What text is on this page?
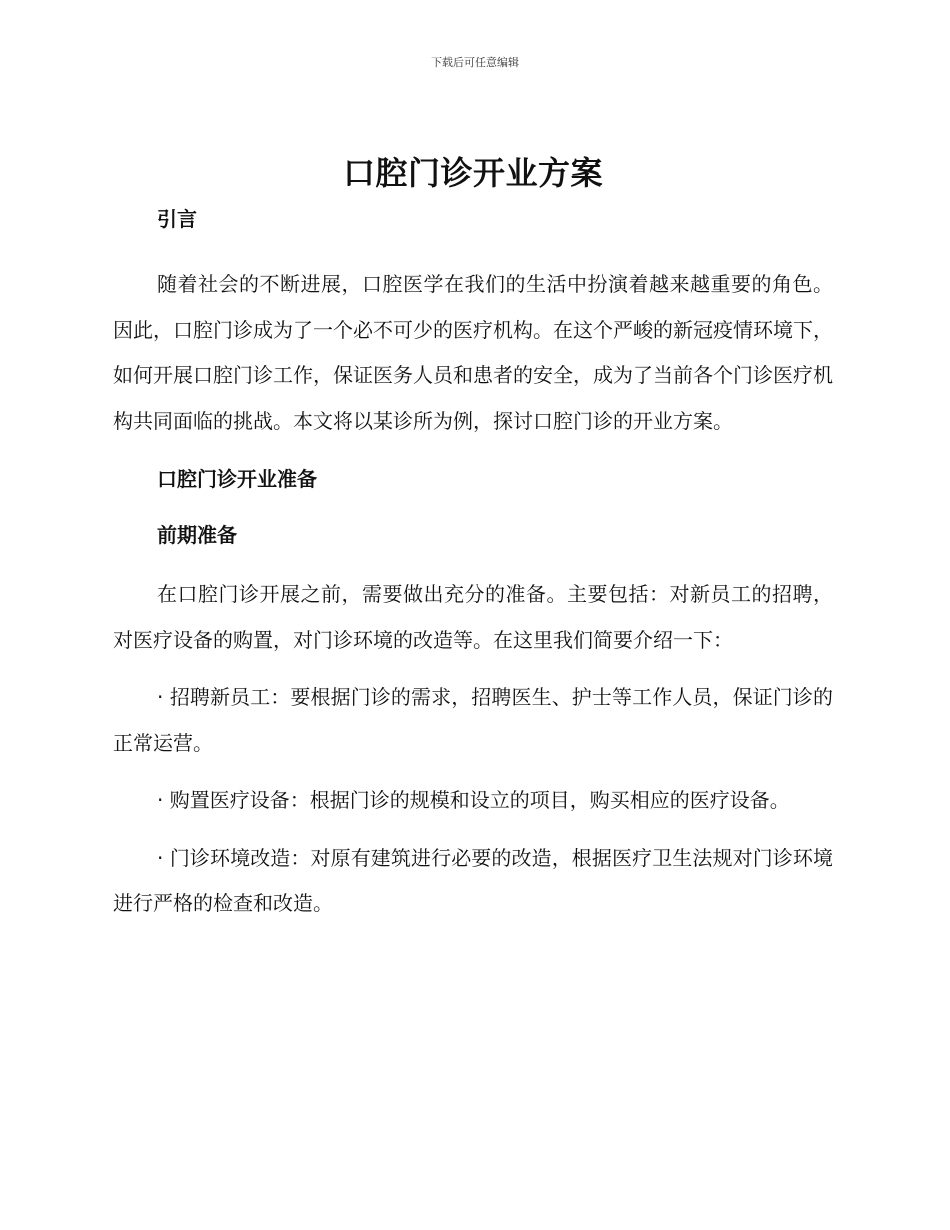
下载后可任意编辑
口腔门诊开业方案
引言

随着社会的不断进展，口腔医学在我们的生活中扮演着越来越重要的角色。因此，口腔门诊成为了一个必不可少的医疗机构。在这个严峻的新冠疫情环境下，如何开展口腔门诊工作，保证医务人员和患者的安全，成为了当前各个门诊医疗机构共同面临的挑战。本文将以某诊所为例，探讨口腔门诊的开业方案。

口腔门诊开业准备
前期准备

在口腔门诊开展之前，需要做出充分的准备。主要包括：对新员工的招聘，对医疗设备的购置，对门诊环境的改造等。在这里我们简要介绍一下：

· 招聘新员工：要根据门诊的需求，招聘医生、护士等工作人员，保证门诊的正常运营。

· 购置医疗设备：根据门诊的规模和设立的项目，购买相应的医疗设备。

· 门诊环境改造：对原有建筑进行必要的改造，根据医疗卫生法规对门诊环境进行严格的检查和改造。
